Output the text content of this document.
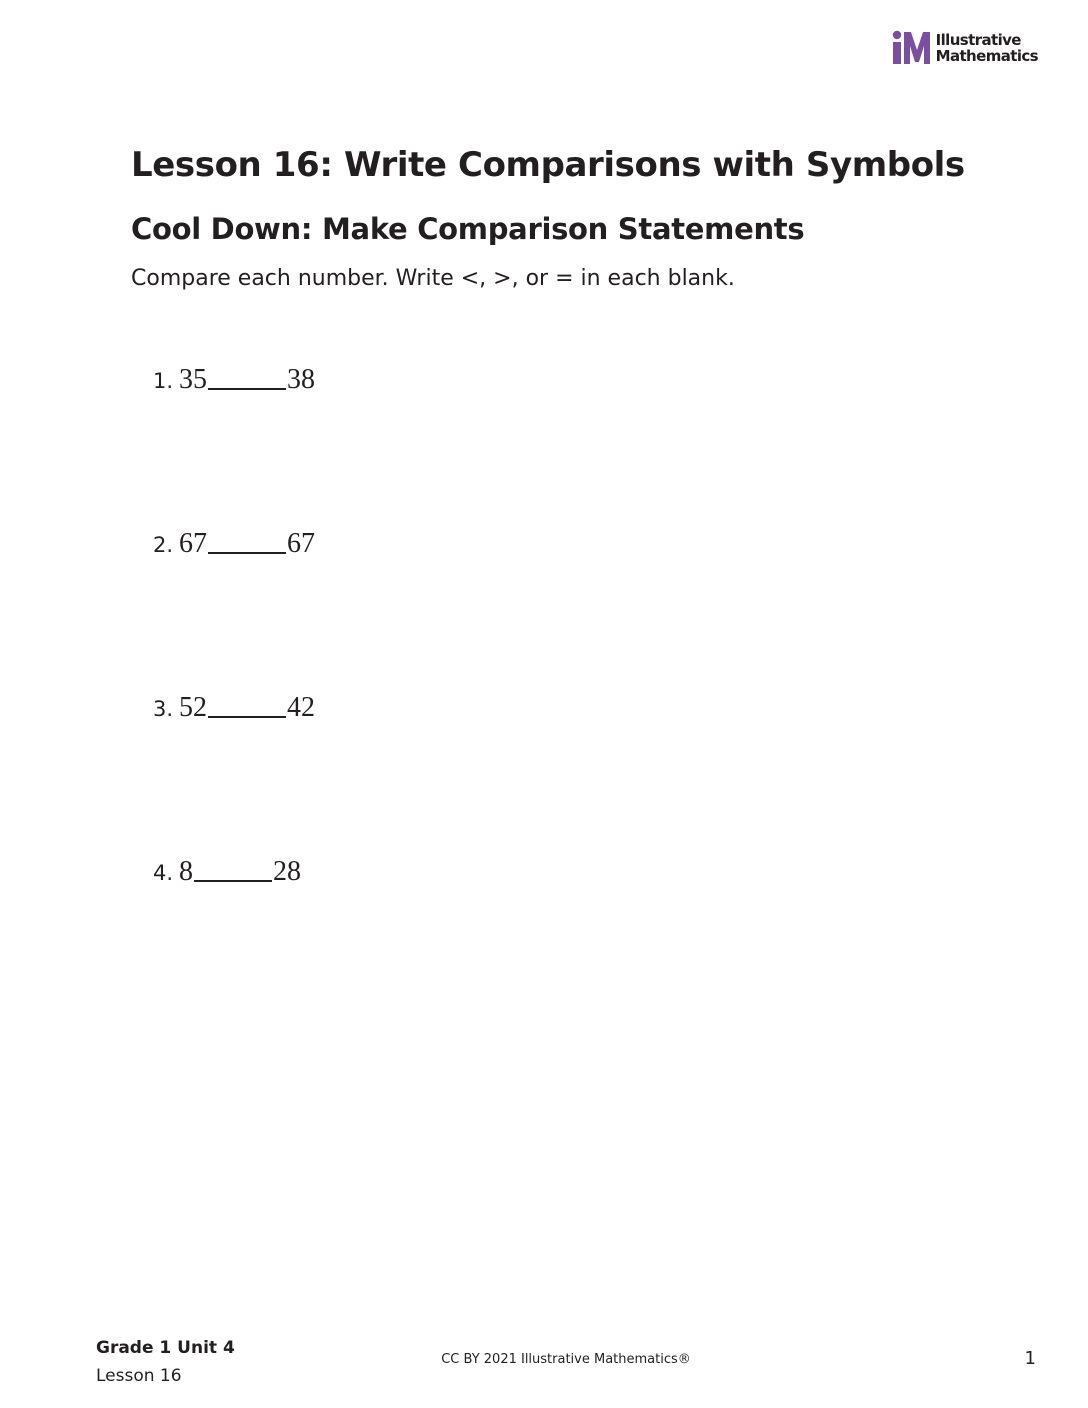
Illustrative
Mathematics
Lesson 16: Write Comparisons with Symbols
Cool Down: Make Comparison Statements

Compare each number. Write <, >, or = in each blank.

1. 35	38
2. 67	67
3. 52	42
4. 8	28
Grade 1 Unit 4
Lesson 16
CC BY 2021 Illustrative Mathematics®	1
